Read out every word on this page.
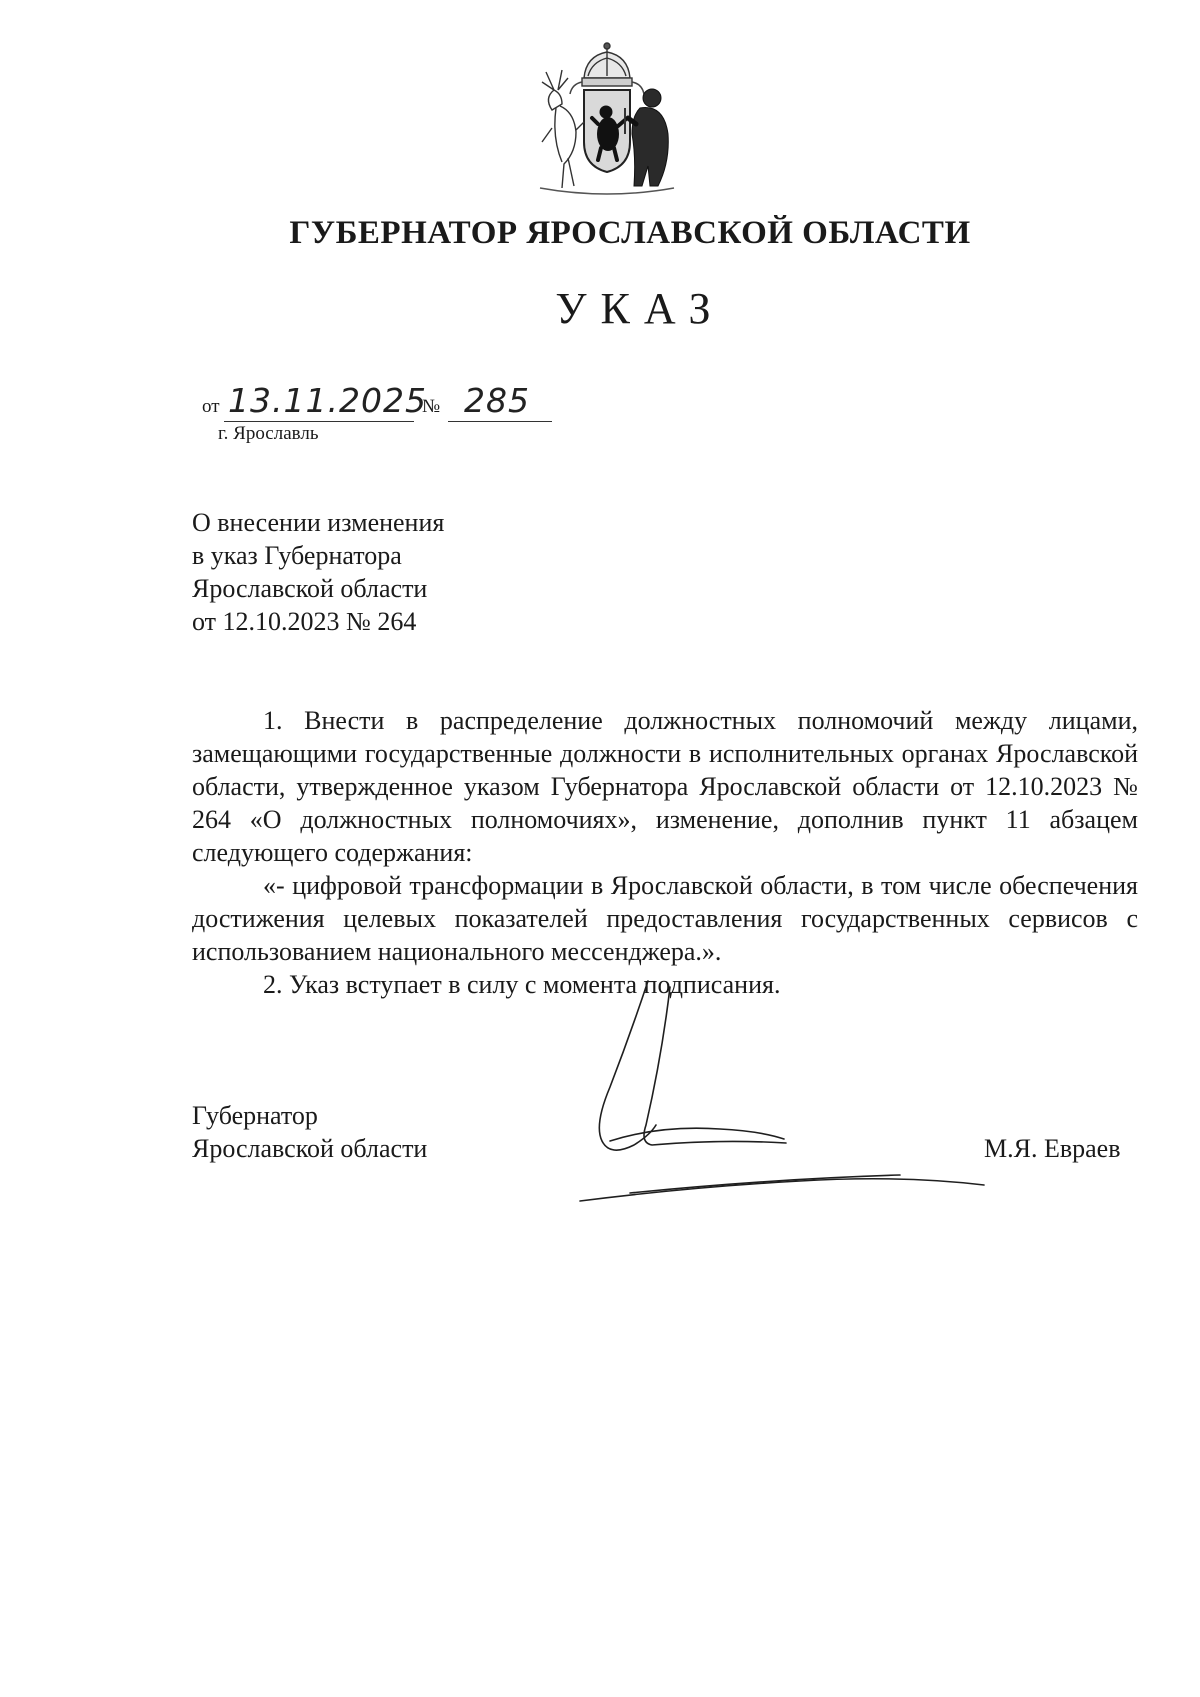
ГУБЕРНАТОР ЯРОСЛАВСКОЙ ОБЛАСТИ
УКАЗ
от 13.11.2025
№ 285
г. Ярославль
О внесении изменения
в указ Губернатора
Ярославской области
от 12.10.2023 № 264

1. Внести в распределение должностных полномочий между лицами, замещающими государственные должности в исполнительных органах Ярославской области, утвержденное указом Губернатора Ярославской области от 12.10.2023 № 264 «О должностных полномочиях», изменение, дополнив пункт 11 абзацем следующего содержания:

«- цифровой трансформации в Ярославской области, в том числе обеспечения достижения целевых показателей предоставления государственных сервисов с использованием национального мессенджера.».

2. Указ вступает в силу с момента подписания.

Губернатор
Ярославской области	М.Я. Евраев
